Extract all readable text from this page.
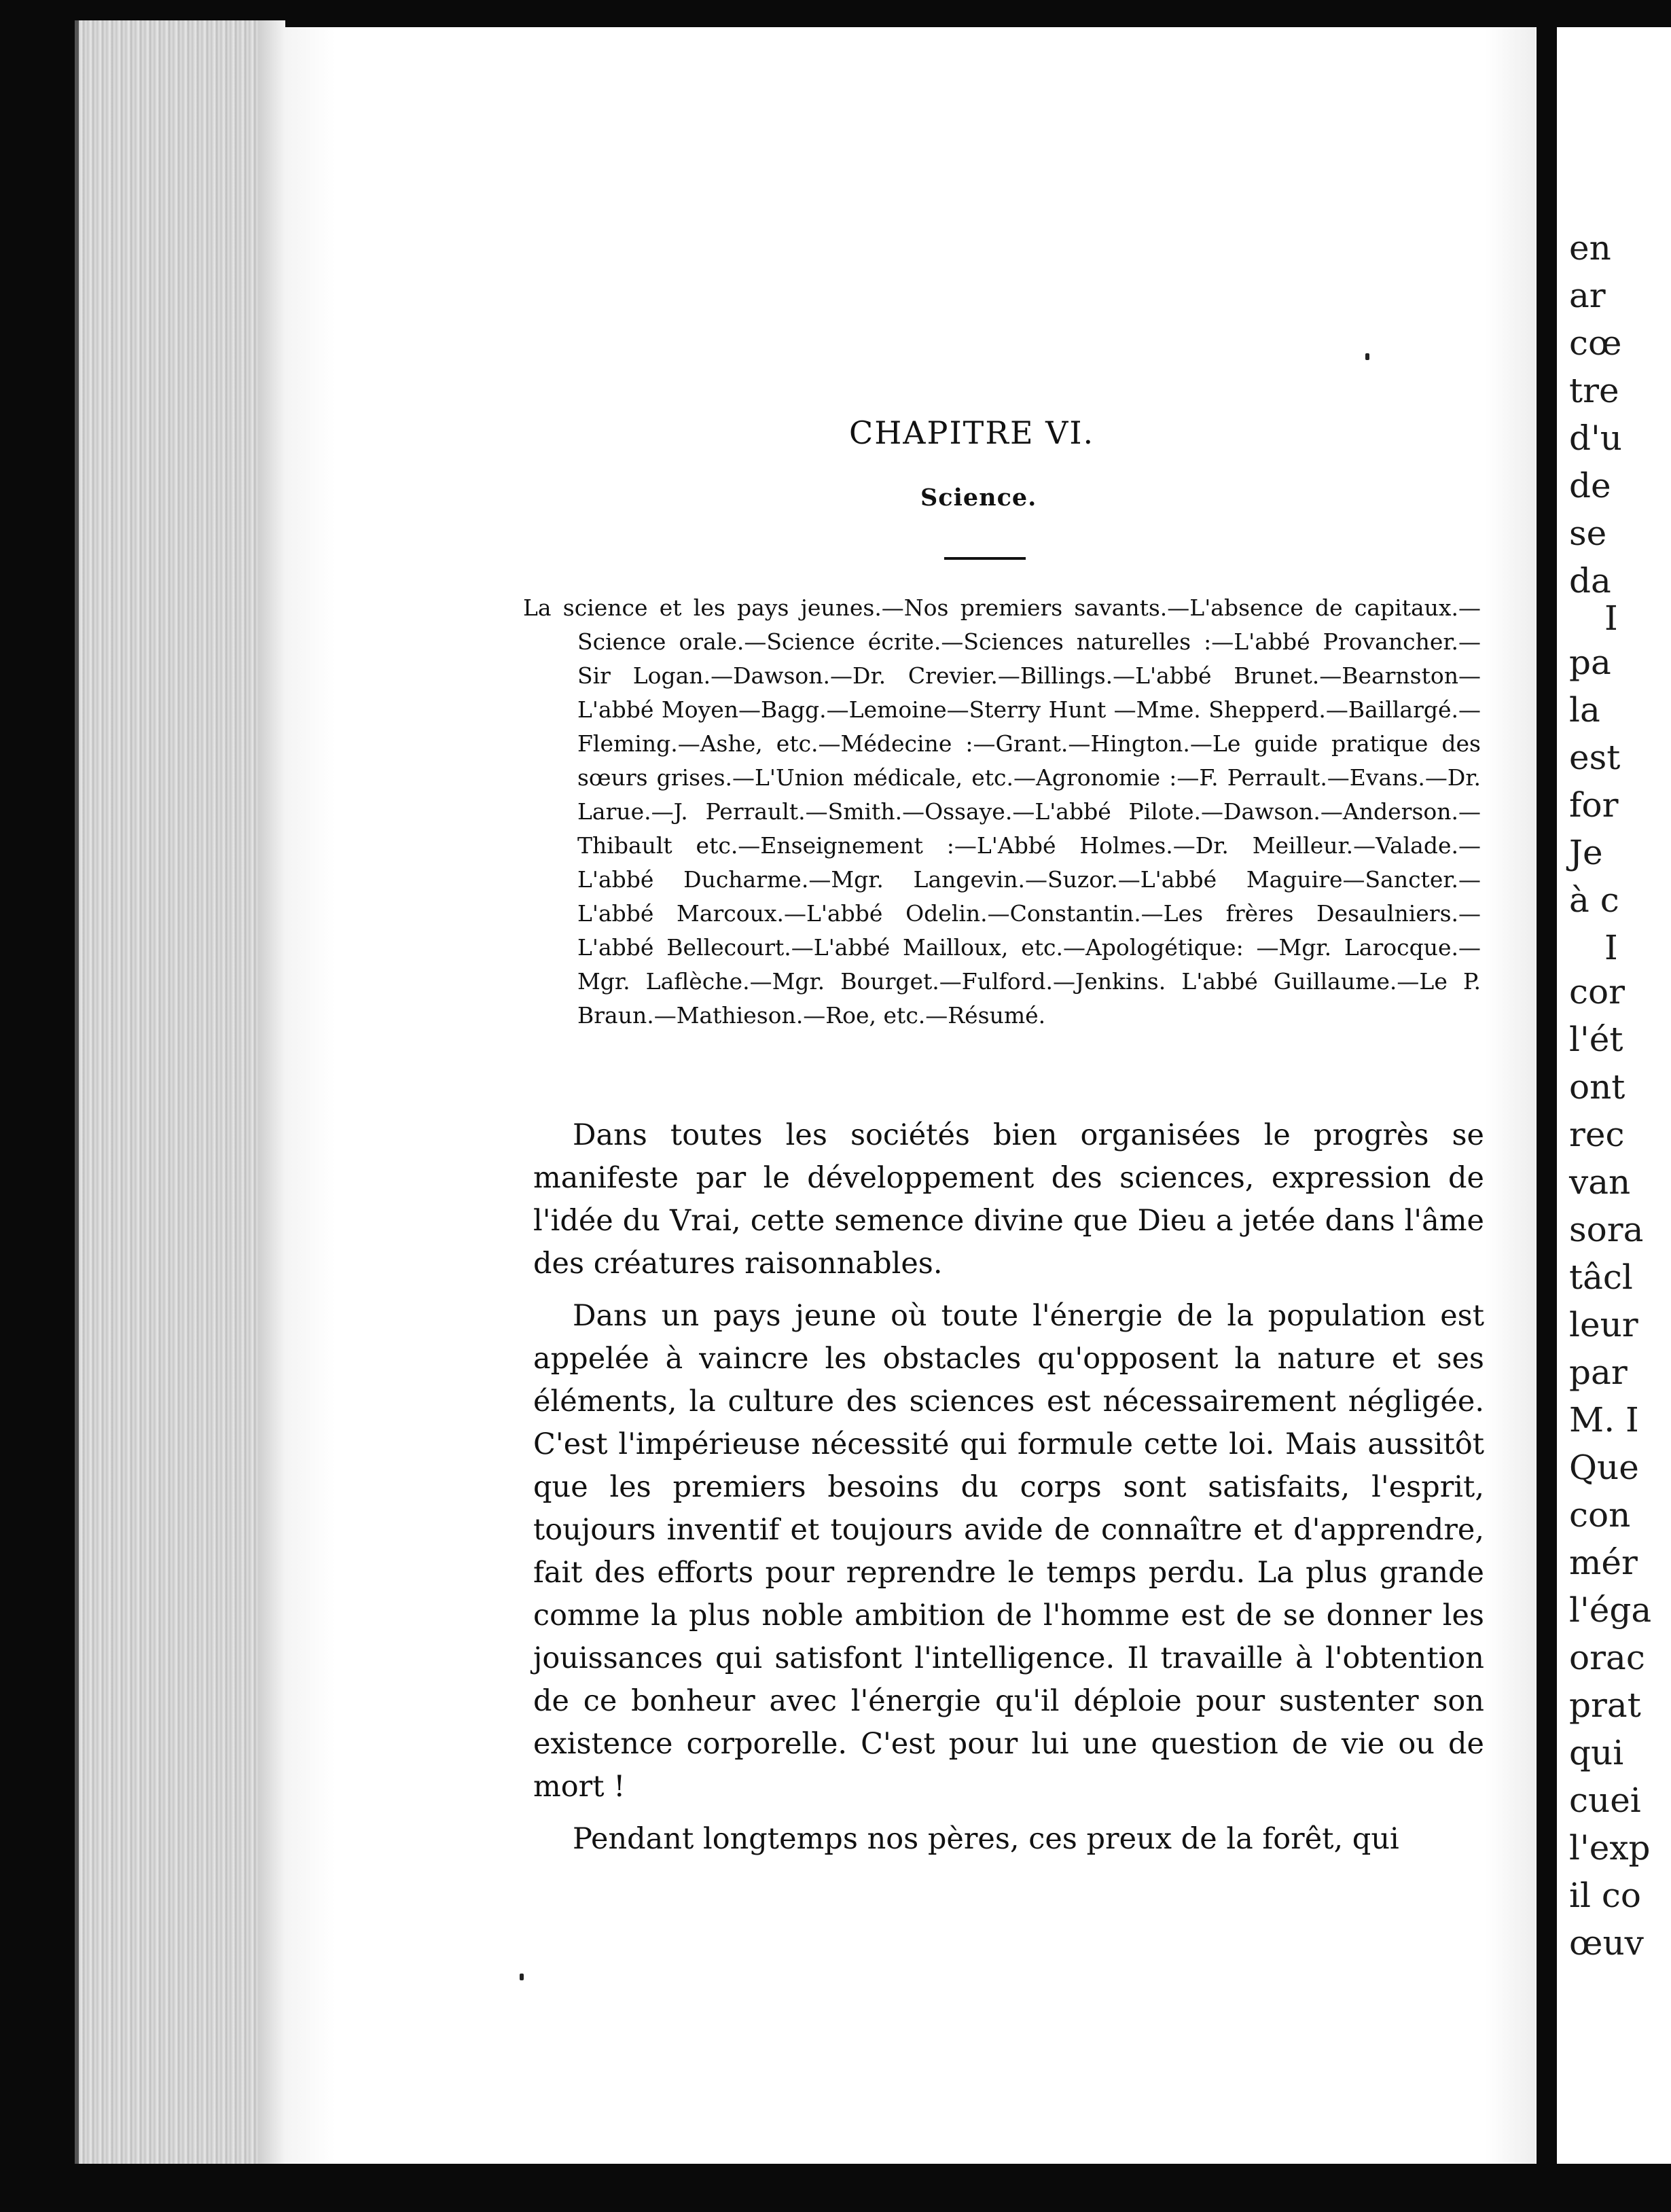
CHAPITRE VI.
Science.
La science et les pays jeunes.—Nos premiers savants.—L'absence de capitaux.—Science orale.—Science écrite.—Sciences naturelles :—L'abbé Provancher.—Sir Logan.—Dawson.—Dr. Crevier.—Billings.—L'abbé Brunet.—Bearnston—L'abbé Moyen—Bagg.—Lemoine—Sterry Hunt —Mme. Shepperd.—Baillargé.—Fleming.—Ashe, etc.—Médecine :—Grant.—Hington.—Le guide pratique des sœurs grises.—L'Union médicale, etc.—Agronomie :—F. Perrault.—Evans.—Dr. Larue.—J. Perrault.—Smith.—Ossaye.—L'abbé Pilote.—Dawson.—Anderson.—Thibault etc.—Enseignement :—L'Abbé Holmes.—Dr. Meilleur.—Valade.—L'abbé Ducharme.—Mgr. Langevin.—Suzor.—L'abbé Maguire—Sancter.—L'abbé Marcoux.—L'abbé Odelin.—Constantin.—Les frères Desaulniers.—L'abbé Bellecourt.—L'abbé Mailloux, etc.—Apologétique: —Mgr. Larocque.—Mgr. Laflèche.—Mgr. Bourget.—Fulford.—Jenkins. L'abbé Guillaume.—Le P. Braun.—Mathieson.—Roe, etc.—Résumé.

Dans toutes les sociétés bien organisées le progrès se manifeste par le développement des sciences, expression de l'idée du Vrai, cette semence divine que Dieu a jetée dans l'âme des créatures raisonnables.

Dans un pays jeune où toute l'énergie de la population est appelée à vaincre les obstacles qu'opposent la nature et ses éléments, la culture des sciences est nécessairement négligée. C'est l'impérieuse nécessité qui formule cette loi. Mais aussitôt que les premiers besoins du corps sont satisfaits, l'esprit, toujours inventif et toujours avide de connaître et d'apprendre, fait des efforts pour reprendre le temps perdu. La plus grande comme la plus noble ambition de l'homme est de se donner les jouissances qui satisfont l'intelligence. Il travaille à l'obtention de ce bonheur avec l'énergie qu'il déploie pour sustenter son existence corporelle. C'est pour lui une question de vie ou de mort !

Pendant longtemps nos pères, ces preux de la forêt, qui

en
ar
cœ
tre
d'u
de
se
da
I
pa
la
est
for
Je
à c
I
cor
l'ét
ont
rec
van
sora
tâcl
leur
par
M. I
Que
con
mér
l'éga
orac
prat
qui
cuei
l'exp
il co
œuv
